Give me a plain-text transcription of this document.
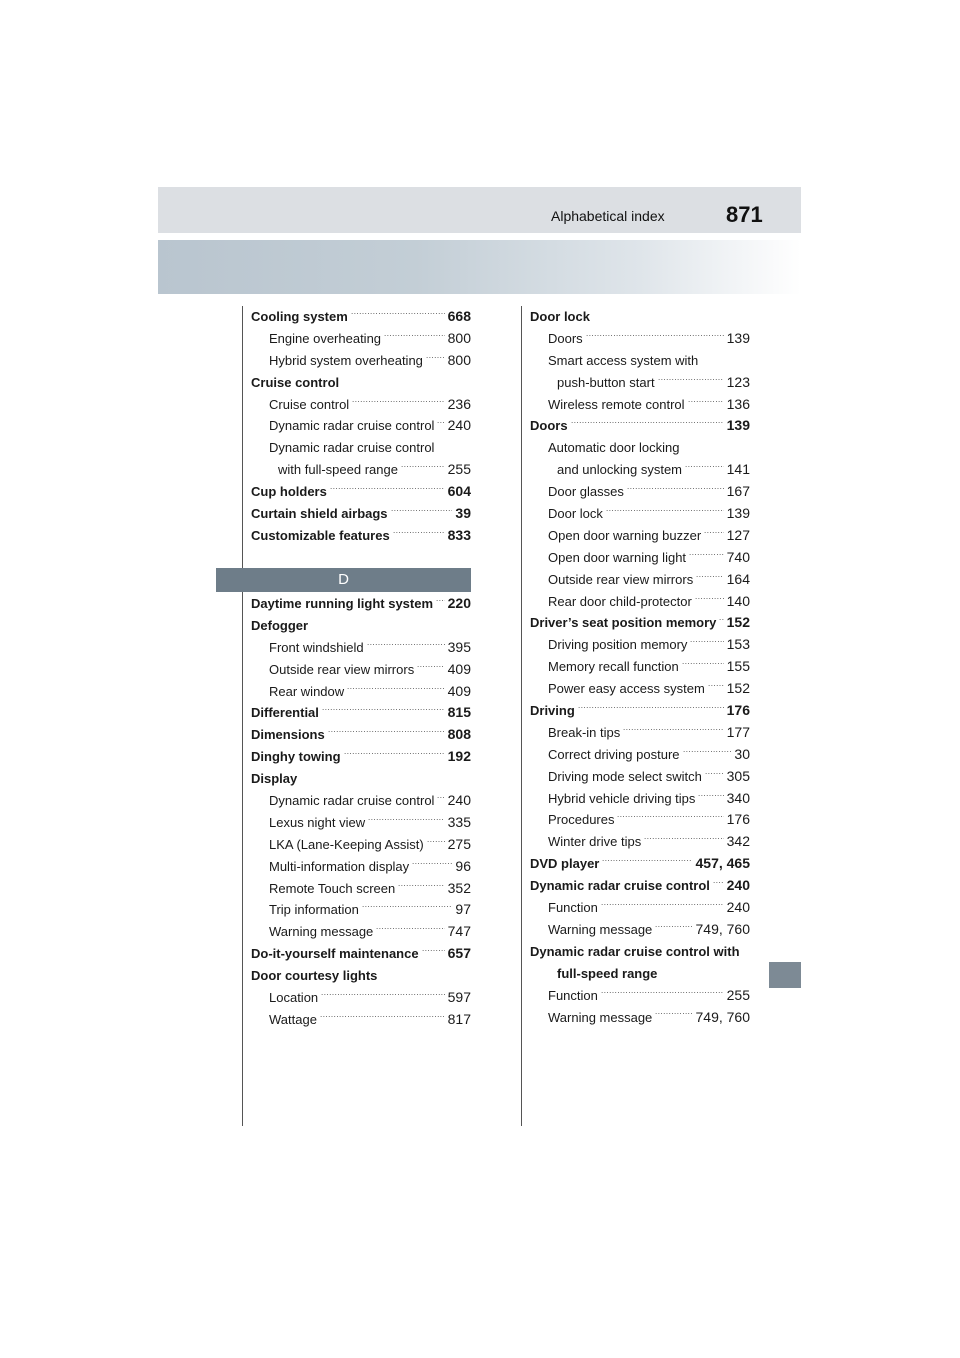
Alphabetical index	871
Cooling system	668
.....
Engine overheating	800
.....
Hybrid system overheating 800
.....
Cruise control
Cruise control	236
.....
Dynamic radar cruise control 240
.....
Dynamic radar cruise control
with full-speed range	255
.....
Cup holders	604
.....
Curtain shield airbags	39
.....
Customizable features	833
.....
D
Daytime running light system 220
.....
Defogger
Front windshield	395
.....
Outside rear view mirrors 409
.....
Rear window	409
.....
Differential	815
.....
Dimensions	808
.....
Dinghy towing	192
.....
Display
Dynamic radar cruise control 240
.....
Lexus night view	335
.....
LKA (Lane-Keeping Assist) 275
.....
Multi-information display	96
.....
Remote Touch screen	352
.....
Trip information	97
.....
Warning message	747
.....
Do-it-yourself maintenance 657
.....
Door courtesy lights
Location	597
.....
Wattage	817
.....
Door lock
Doors	139
.....
Smart access system with
push-button start	123
.....
Wireless remote control	136
.....
Doors	139
.....
Automatic door locking
and unlocking system	141
.....
Door glasses	167
.....
Door lock	139
.....
Open door warning buzzer 127
.....
Open door warning light	740
.....
Outside rear view mirrors 164
.....
Rear door child-protector 140
.....
Driver’s seat position memory 152
.....
Driving position memory	153
.....
Memory recall function	155
.....
Power easy access system 152
.....
Driving	176
.....
Break-in tips	177
.....
Correct driving posture	30
.....
Driving mode select switch 305
.....
Hybrid vehicle driving tips 340
.....
Procedures	176
.....
Winter drive tips	342
.....
DVD player	457, 465
.....
Dynamic radar cruise control 240
.....
Function	240
.....
Warning message	749, 760
.....
Dynamic radar cruise control with
full-speed range
Function	255
.....
Warning message	749, 760
.....
